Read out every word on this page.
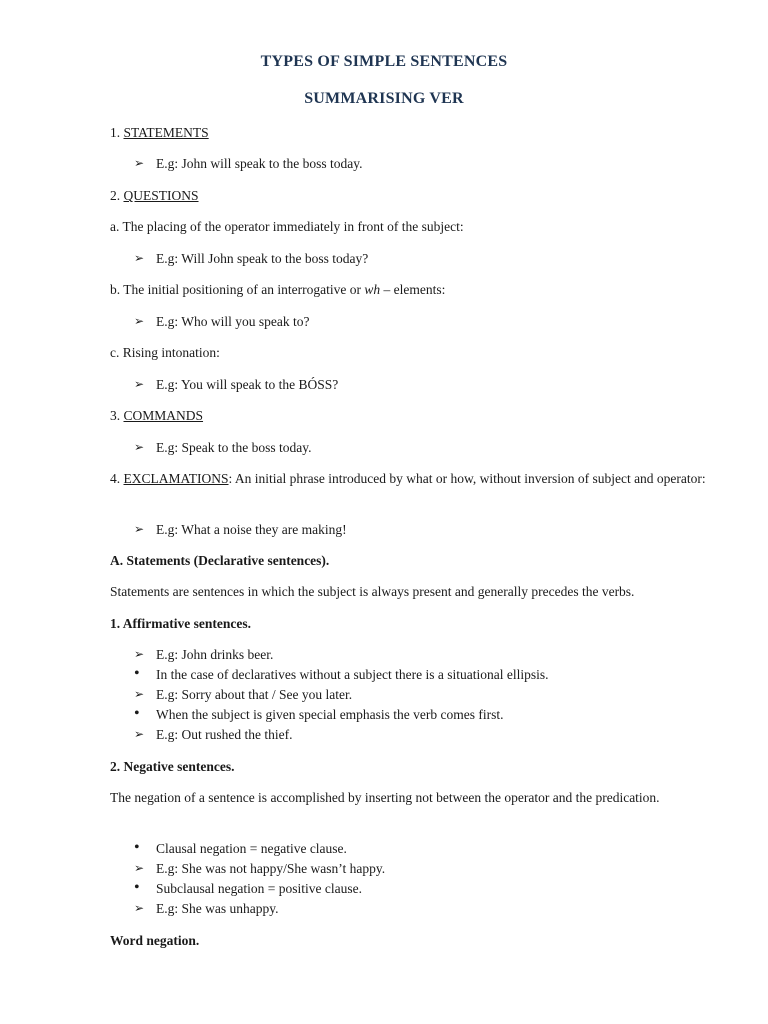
TYPES OF SIMPLE SENTENCES
SUMMARISING VER
1. STATEMENTS
➢ E.g: John will speak to the boss today.
2. QUESTIONS
a. The placing of the operator immediately in front of the subject:
➢ E.g: Will John speak to the boss today?
b. The initial positioning of an interrogative or wh – elements:
➢ E.g: Who will you speak to?
c. Rising intonation:
➢ E.g: You will speak to the BÓSS?
3. COMMANDS
➢ E.g: Speak to the boss today.
4. EXCLAMATIONS: An initial phrase introduced by what or how, without inversion of subject and operator:
➢ E.g: What a noise they are making!
A. Statements (Declarative sentences).
Statements are sentences in which the subject is always present and generally precedes the verbs.
1. Affirmative sentences.
➢ E.g: John drinks beer.
•	In the case of declaratives without a subject there is a situational ellipsis.
➢ E.g: Sorry about that / See you later.
•	When the subject is given special emphasis the verb comes first.
➢ E.g: Out rushed the thief.
2. Negative sentences.
The negation of a sentence is accomplished by inserting not between the operator and the predication.
•	Clausal negation = negative clause.
➢ E.g: She was not happy/She wasn’t happy.
•	Subclausal negation = positive clause.
➢ E.g: She was unhappy.
Word negation.
